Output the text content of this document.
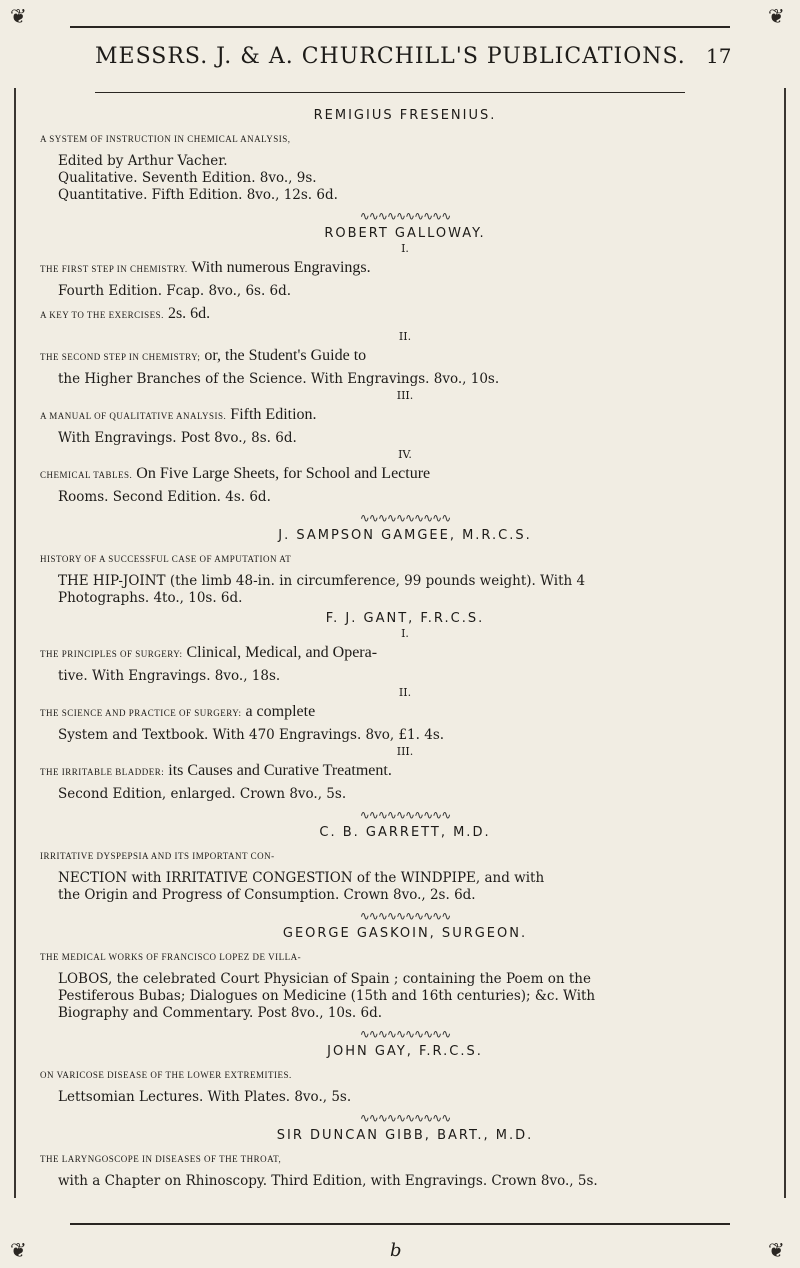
❦	❦
❦	❦
MESSRS. J. & A. CHURCHILL'S PUBLICATIONS.	17
REMIGIUS FRESENIUS.
A SYSTEM OF INSTRUCTION IN CHEMICAL ANALYSIS,
Edited by Arthur Vacher.
Qualitative. Seventh Edition. 8vo., 9s.
Quantitative. Fifth Edition. 8vo., 12s. 6d.
∿∿∿∿∿∿∿∿∿∿
ROBERT GALLOWAY.
I.
THE FIRST STEP IN CHEMISTRY. With numerous Engravings.
Fourth Edition. Fcap. 8vo., 6s. 6d.
A KEY TO THE EXERCISES. 2s. 6d.
II.
THE SECOND STEP IN CHEMISTRY; or, the Student's Guide to
the Higher Branches of the Science. With Engravings. 8vo., 10s.
III.
A MANUAL OF QUALITATIVE ANALYSIS. Fifth Edition.
With Engravings. Post 8vo., 8s. 6d.
IV.
CHEMICAL TABLES. On Five Large Sheets, for School and Lecture
Rooms. Second Edition. 4s. 6d.
∿∿∿∿∿∿∿∿∿∿
J. SAMPSON GAMGEE, M.R.C.S.
HISTORY OF A SUCCESSFUL CASE OF AMPUTATION AT
THE HIP-JOINT (the limb 48-in. in circumference, 99 pounds weight). With 4
Photographs. 4to., 10s. 6d.
F. J. GANT, F.R.C.S.
I.
THE PRINCIPLES OF SURGERY: Clinical, Medical, and Opera-
tive. With Engravings. 8vo., 18s.
II.
THE SCIENCE AND PRACTICE OF SURGERY: a complete
System and Textbook. With 470 Engravings. 8vo, £1. 4s.
III.
THE IRRITABLE BLADDER: its Causes and Curative Treatment.
Second Edition, enlarged. Crown 8vo., 5s.
∿∿∿∿∿∿∿∿∿∿
C. B. GARRETT, M.D.
IRRITATIVE DYSPEPSIA AND ITS IMPORTANT CON-
NECTION with IRRITATIVE CONGESTION of the WINDPIPE, and with
the Origin and Progress of Consumption. Crown 8vo., 2s. 6d.
∿∿∿∿∿∿∿∿∿∿
GEORGE GASKOIN, SURGEON.
THE MEDICAL WORKS OF FRANCISCO LOPEZ DE VILLA-
LOBOS, the celebrated Court Physician of Spain ; containing the Poem on the
Pestiferous Bubas; Dialogues on Medicine (15th and 16th centuries); &c. With
Biography and Commentary. Post 8vo., 10s. 6d.
∿∿∿∿∿∿∿∿∿∿
JOHN GAY, F.R.C.S.
ON VARICOSE DISEASE OF THE LOWER EXTREMITIES.
Lettsomian Lectures. With Plates. 8vo., 5s.
∿∿∿∿∿∿∿∿∿∿
SIR DUNCAN GIBB, BART., M.D.
THE LARYNGOSCOPE IN DISEASES OF THE THROAT,
with a Chapter on Rhinoscopy. Third Edition, with Engravings. Crown 8vo., 5s.
b
